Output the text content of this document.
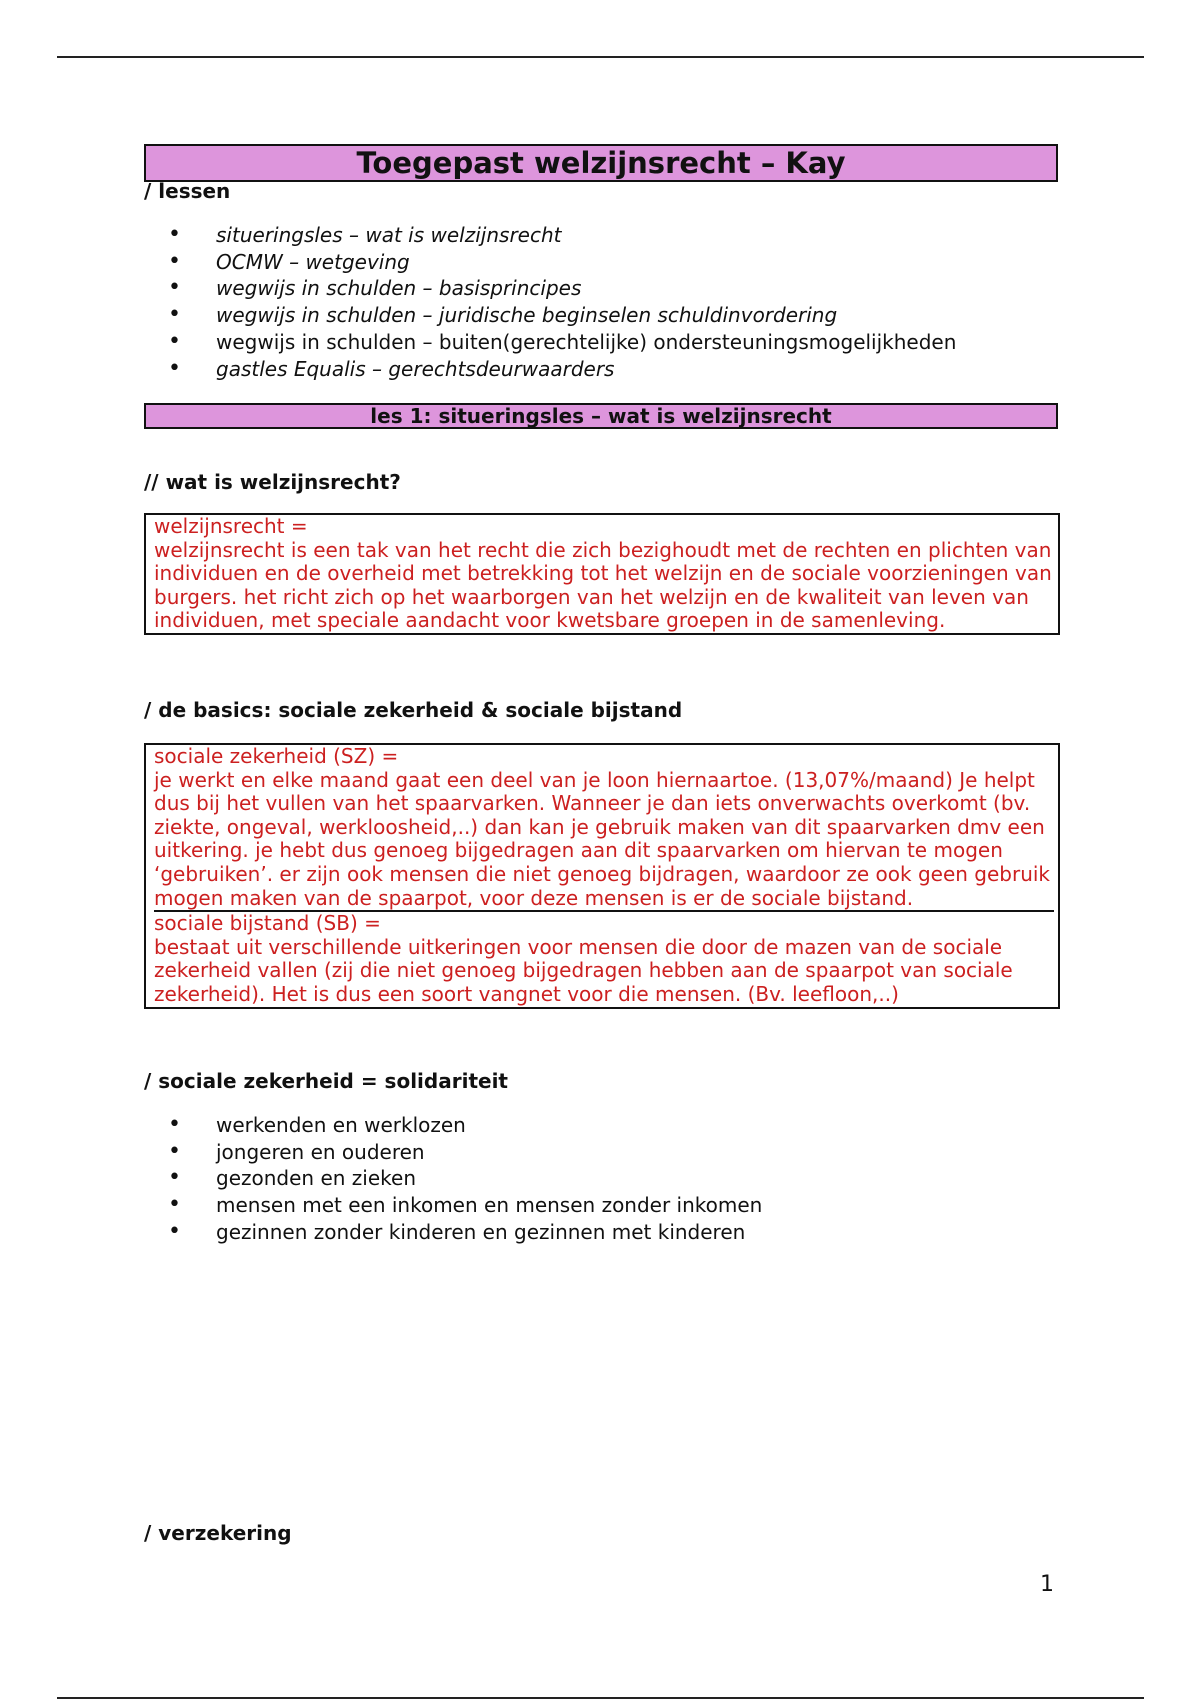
Toegepast welzijnsrecht – Kay
/ lessen
• situeringsles – wat is welzijnsrecht
• OCMW – wetgeving
• wegwijs in schulden – basisprincipes
• wegwijs in schulden – juridische beginselen schuldinvordering
• wegwijs in schulden – buiten(gerechtelijke) ondersteuningsmogelijkheden
• gastles Equalis – gerechtsdeurwaarders
les 1: situeringsles – wat is welzijnsrecht
// wat is welzijnsrecht?
welzijnsrecht =
welzijnsrecht is een tak van het recht die zich bezighoudt met de rechten en plichten van individuen en de overheid met betrekking tot het welzijn en de sociale voorzieningen van burgers. het richt zich op het waarborgen van het welzijn en de kwaliteit van leven van individuen, met speciale aandacht voor kwetsbare groepen in de samenleving.
/ de basics: sociale zekerheid & sociale bijstand
sociale zekerheid (SZ) =
je werkt en elke maand gaat een deel van je loon hiernaartoe. (13,07%/maand) Je helpt dus bij het vullen van het spaarvarken. Wanneer je dan iets onverwachts overkomt (bv. ziekte, ongeval, werkloosheid,..) dan kan je gebruik maken van dit spaarvarken dmv een uitkering. je hebt dus genoeg bijgedragen aan dit spaarvarken om hiervan te mogen ‘gebruiken’. er zijn ook mensen die niet genoeg bijdragen, waardoor ze ook geen gebruik mogen maken van de spaarpot, voor deze mensen is er de sociale bijstand.
sociale bijstand (SB) =
bestaat uit verschillende uitkeringen voor mensen die door de mazen van de sociale zekerheid vallen (zij die niet genoeg bijgedragen hebben aan de spaarpot van sociale zekerheid). Het is dus een soort vangnet voor die mensen. (Bv. leefloon,..)
/ sociale zekerheid = solidariteit
• werkenden en werklozen
• jongeren en ouderen
• gezonden en zieken
• mensen met een inkomen en mensen zonder inkomen
• gezinnen zonder kinderen en gezinnen met kinderen
/ verzekering
1
